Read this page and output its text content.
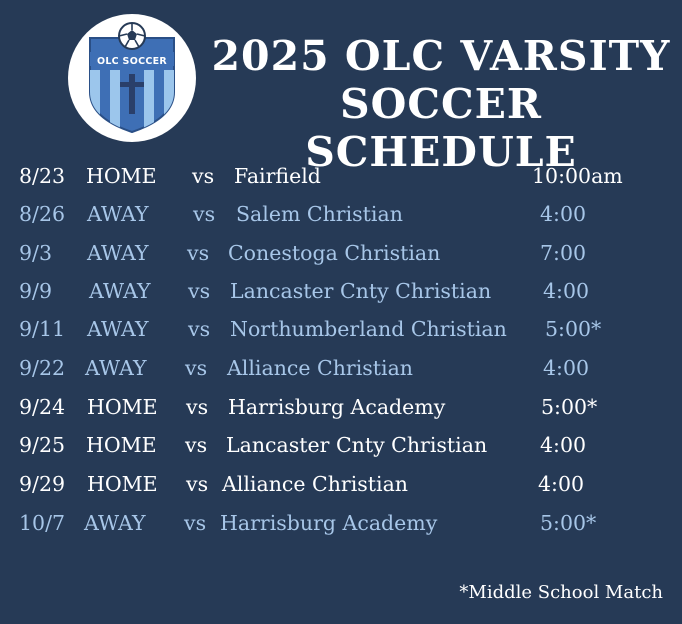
OLC SOCCER	2025 OLC VARSITY
SOCCER SCHEDULE
8/23 HOME vs Fairfield	10:00am
8/26 AWAY vs Salem Christian	4:00
9/3 AWAY vs Conestoga Christian	7:00
9/9 AWAY vs Lancaster Cnty Christian	4:00
9/11 AWAY vs Northumberland Christian 5:00*
9/22 AWAY vs Alliance Christian	4:00
9/24 HOME vs Harrisburg Academy	5:00*
9/25 HOME vs Lancaster Cnty Christian	4:00
9/29 HOME vs Alliance Christian	4:00
10/7 AWAY vs Harrisburg Academy	5:00*
*Middle School Match
